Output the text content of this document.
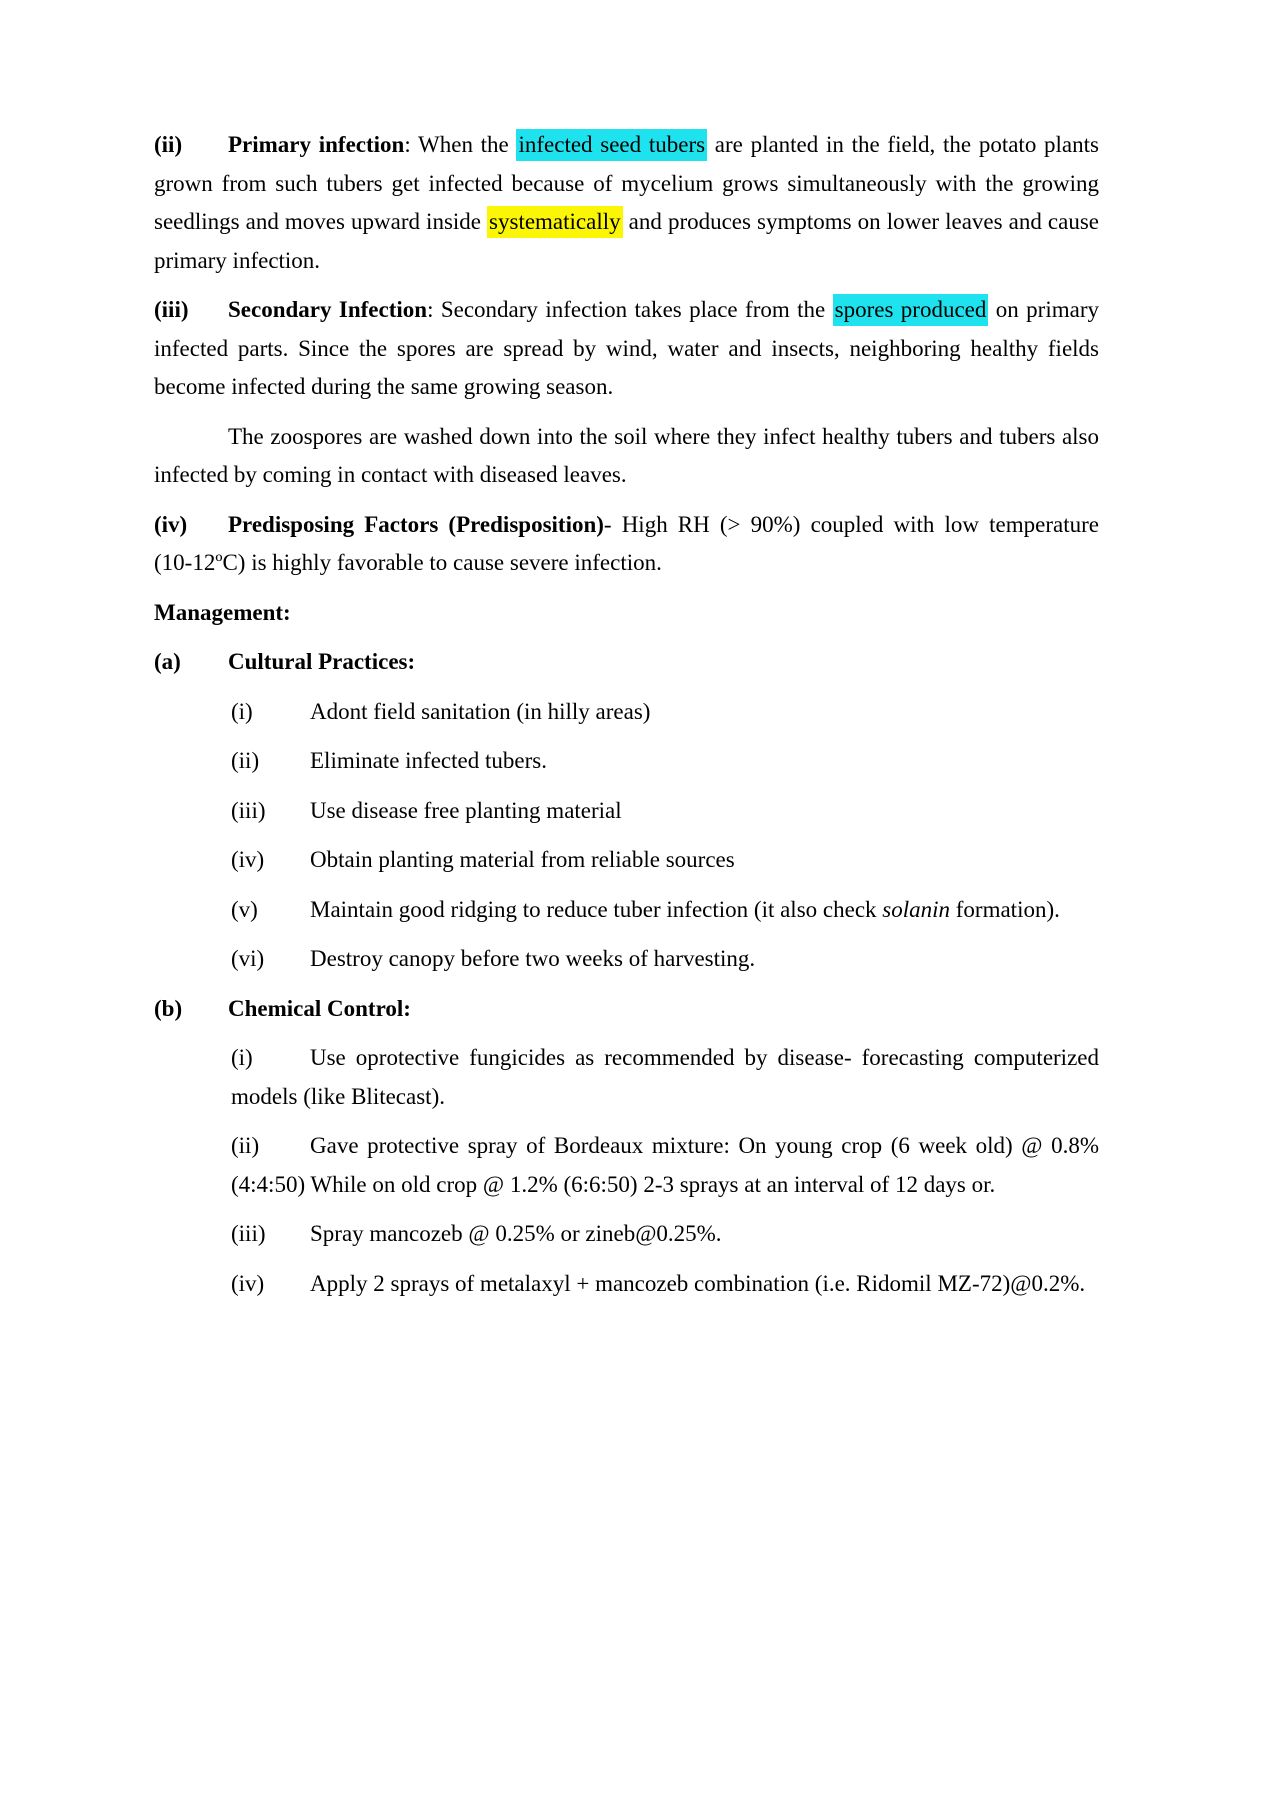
(ii) Primary infection: When the infected seed tubers are planted in the field, the potato plants grown from such tubers get infected because of mycelium grows simultaneously with the growing seedlings and moves upward inside systematically and produces symptoms on lower leaves and cause primary infection.

(iii) Secondary Infection: Secondary infection takes place from the spores produced on primary infected parts. Since the spores are spread by wind, water and insects, neighboring healthy fields become infected during the same growing season.

The zoospores are washed down into the soil where they infect healthy tubers and tubers also infected by coming in contact with diseased leaves.

(iv) Predisposing Factors (Predisposition)- High RH (> 90%) coupled with low temperature (10-12ºC) is highly favorable to cause severe infection.

Management:

(a) Cultural Practices:

(i) Adont field sanitation (in hilly areas)

(ii) Eliminate infected tubers.

(iii) Use disease free planting material

(iv) Obtain planting material from reliable sources

(v) Maintain good ridging to reduce tuber infection (it also check solanin formation).

(vi) Destroy canopy before two weeks of harvesting.

(b) Chemical Control:

(i) Use oprotective fungicides as recommended by disease- forecasting computerized models (like Blitecast).

(ii) Gave protective spray of Bordeaux mixture: On young crop (6 week old) @ 0.8% (4:4:50) While on old crop @ 1.2% (6:6:50) 2-3 sprays at an interval of 12 days or.

(iii) Spray mancozeb @ 0.25% or zineb@0.25%.

(iv) Apply 2 sprays of metalaxyl + mancozeb combination (i.e. Ridomil MZ-72)@0.2%.
